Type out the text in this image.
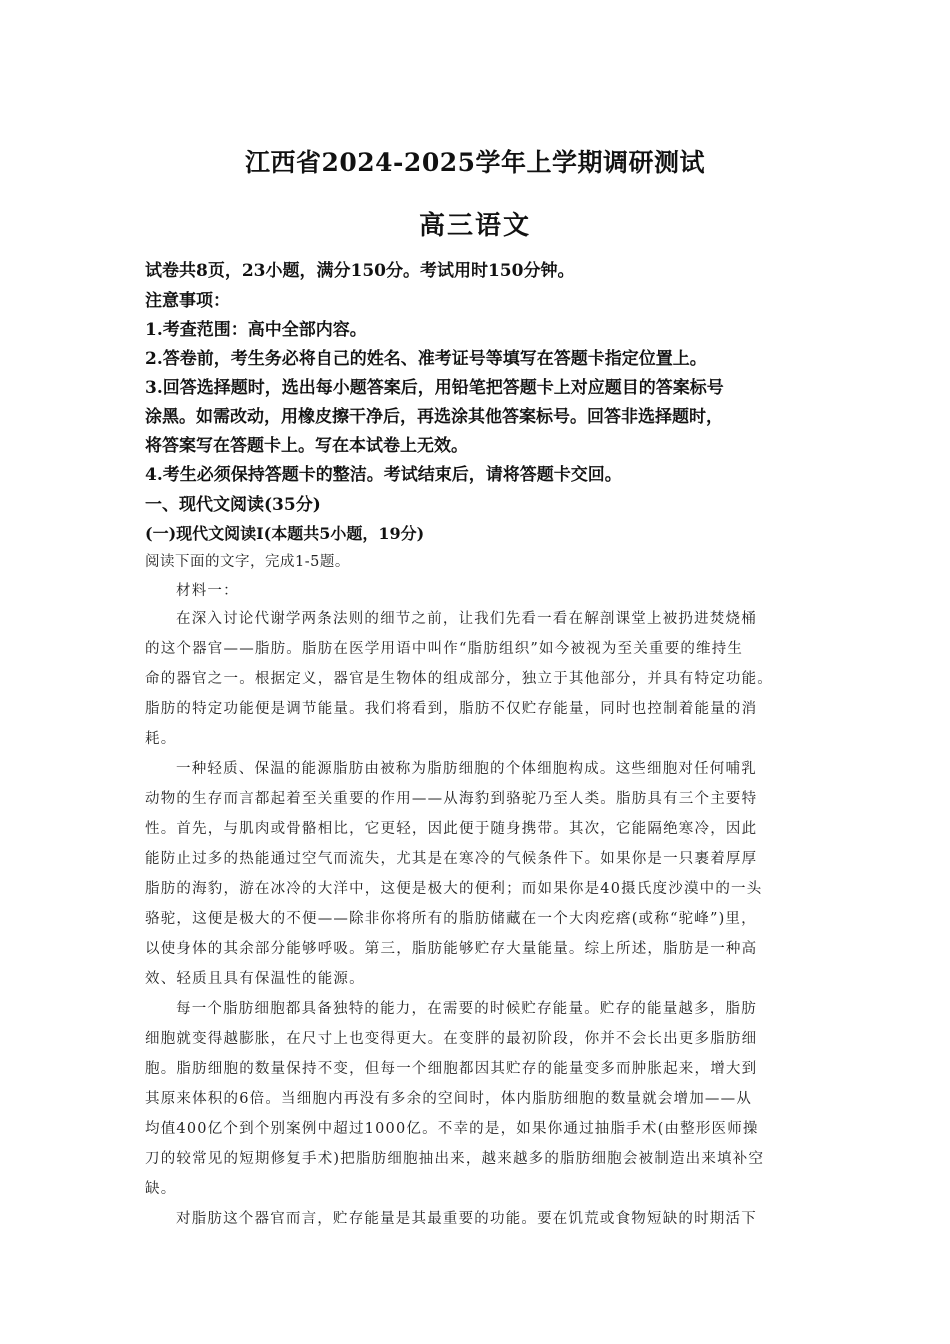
江西省2024-2025学年上学期调研测试
高三语文
试卷共8页，23小题，满分150分。考试用时150分钟。
注意事项：
1.考查范围：高中全部内容。
2.答卷前，考生务必将自己的姓名、准考证号等填写在答题卡指定位置上。
3.回答选择题时，选出每小题答案后，用铅笔把答题卡上对应题目的答案标号
涂黑。如需改动，用橡皮擦干净后，再选涂其他答案标号。回答非选择题时，
将答案写在答题卡上。写在本试卷上无效。
4.考生必须保持答题卡的整洁。考试结束后，请将答题卡交回。
一、现代文阅读(35分)
(一)现代文阅读Ⅰ(本题共5小题，19分)
阅读下面的文字，完成1-5题。
材料一：
在深入讨论代谢学两条法则的细节之前，让我们先看一看在解剖课堂上被扔进焚烧桶
的这个器官——脂肪。脂肪在医学用语中叫作“脂肪组织”如今被视为至关重要的维持生
命的器官之一。根据定义，器官是生物体的组成部分，独立于其他部分，并具有特定功能。
脂肪的特定功能便是调节能量。我们将看到，脂肪不仅贮存能量，同时也控制着能量的消
耗。
一种轻质、保温的能源脂肪由被称为脂肪细胞的个体细胞构成。这些细胞对任何哺乳
动物的生存而言都起着至关重要的作用——从海豹到骆驼乃至人类。脂肪具有三个主要特
性。首先，与肌肉或骨骼相比，它更轻，因此便于随身携带。其次，它能隔绝寒冷，因此
能防止过多的热能通过空气而流失，尤其是在寒冷的气候条件下。如果你是一只裹着厚厚
脂肪的海豹，游在冰冷的大洋中，这便是极大的便利；而如果你是40摄氏度沙漠中的一头
骆驼，这便是极大的不便——除非你将所有的脂肪储藏在一个大肉疙瘩(或称“驼峰”)里，
以使身体的其余部分能够呼吸。第三，脂肪能够贮存大量能量。综上所述，脂肪是一种高
效、轻质且具有保温性的能源。
每一个脂肪细胞都具备独特的能力，在需要的时候贮存能量。贮存的能量越多，脂肪
细胞就变得越膨胀，在尺寸上也变得更大。在变胖的最初阶段，你并不会长出更多脂肪细
胞。脂肪细胞的数量保持不变，但每一个细胞都因其贮存的能量变多而肿胀起来，增大到
其原来体积的6倍。当细胞内再没有多余的空间时，体内脂肪细胞的数量就会增加——从
均值400亿个到个别案例中超过1000亿。不幸的是，如果你通过抽脂手术(由整形医师操
刀的较常见的短期修复手术)把脂肪细胞抽出来，越来越多的脂肪细胞会被制造出来填补空
缺。
对脂肪这个器官而言，贮存能量是其最重要的功能。要在饥荒或食物短缺的时期活下
